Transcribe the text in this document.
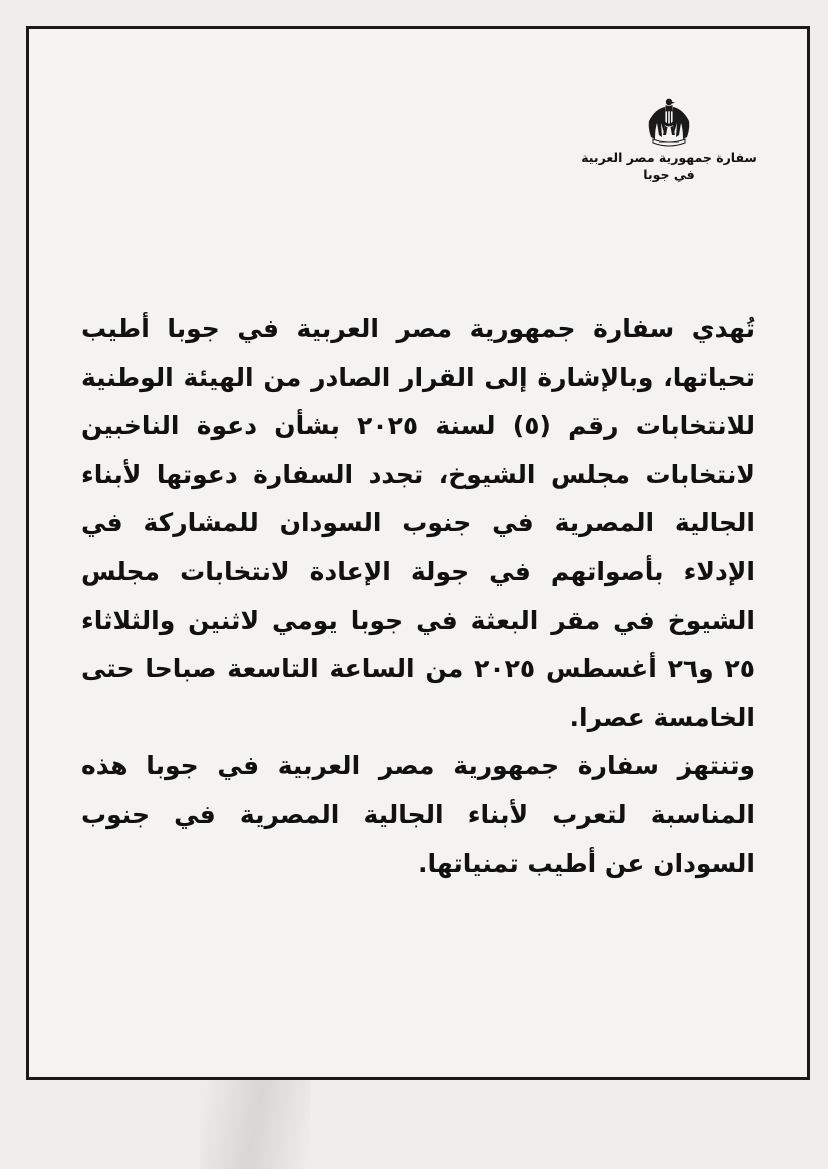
سفارة جمهورية مصر العربية
في جوبا

تُهدي سفارة جمهورية مصر العربية في جوبا أطيب تحياتها، وبالإشارة إلى القرار الصادر من الهيئة الوطنية للانتخابات رقم (٥) لسنة ٢٠٢٥ بشأن دعوة الناخبين لانتخابات مجلس الشيوخ، تجدد السفارة دعوتها لأبناء الجالية المصرية في جنوب السودان للمشاركة في الإدلاء بأصواتهم في جولة الإعادة لانتخابات مجلس الشيوخ في مقر البعثة في جوبا يومي لاثنين والثلاثاء ٢٥ و٢٦ أغسطس ٢٠٢٥ من الساعة التاسعة صباحا حتى الخامسة عصرا.

وتنتهز سفارة جمهورية مصر العربية في جوبا هذه المناسبة لتعرب لأبناء الجالية المصرية في جنوب السودان عن أطيب تمنياتها.
